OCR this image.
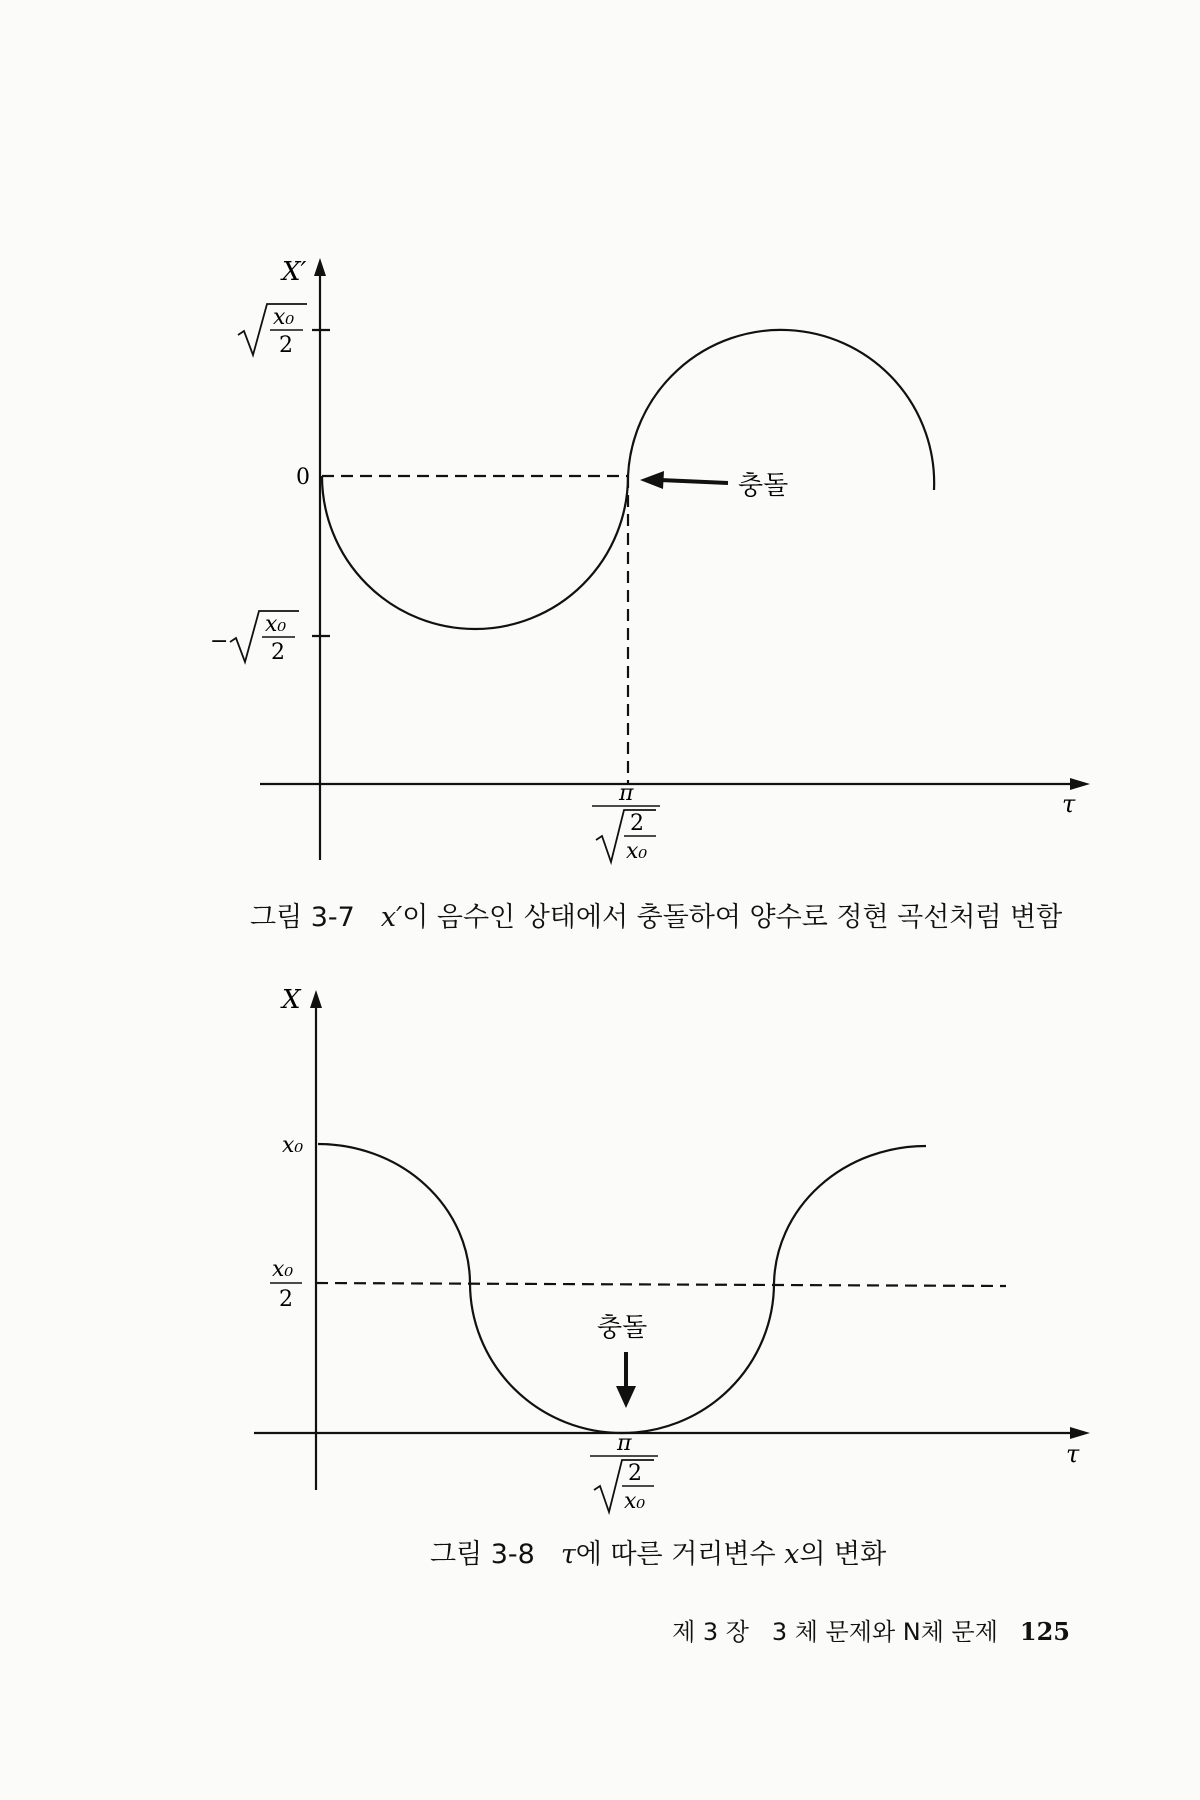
X′
x₀
2
0
−
x₀
2
π
2
x₀
τ
충돌
그림 3-7 x′이 음수인 상태에서 충돌하여 양수로 정현 곡선처럼 변함
X
x₀
x₀
2
π
2
x₀
τ
충돌
그림 3-8 τ에 따른 거리변수 x의 변화
제 3 장   3 체 문제와 N체 문제 125
